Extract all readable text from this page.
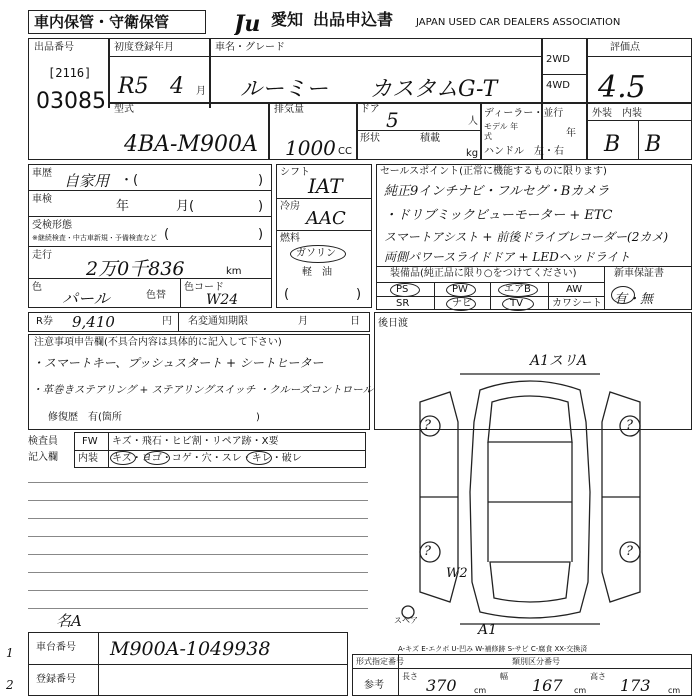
車内保管・守衛保管	Ju 愛知 出品申込書 JAPAN USED CAR DEALERS ASSOCIATION
出品番号
[2116]
03085
初度登録年月
R5 4 月
車名・グレード
ルーミー カスタムG-T
2WD
4WD
評価点
4.5
型式
4BA-M900A
排気量
1000 CC
ドア 5	人
形状	積載
kg
ディーラー・並行
モデル 年式	年
ハンドル　左・右
外装　内装
B B
車歴 自家用 ・(	)
車検	年	月(	)
受検形態
※継続検査・中古車新規・予備検査など (	)
走行
2万0千836	km
色
パール	色替
色コード
W24
シフト
IAT
冷房
AAC
燃料
ガソリン
軽　油
(	)
セールスポイント(正常に機能するものに限ります)
純正9インチナビ・フルセグ・Bカメラ
・ドリブミックビューモーター + ETC
スマートアシスト + 前後ドライブレコーダー(2カメ)
両側パワースライドドア + LEDヘッドライト
装備品(純正品に限り○をつけてください)	新車保証書
有・無
PS	PW	エアB	AW
SR	ナビ	TV	カワシート
R券 9,410	円 名変通知期限	月	日
注意事項申告欄(不具合内容は具体的に記入して下さい)
・スマートキー、プッシュスタート + シートヒーター
・革巻きステアリング + ステアリングスイッチ ・クルーズコントロール
修復歴　有(箇所	)
後日渡
検査員
記入欄
FW キズ・飛石・ヒビ割・リペア跡・X要
内装 キズ・ヨゴ・コゲ・穴・スレ・キレ・破レ
A1スリA
?	?
?	?
W2
スペア
A1
A-キズ E-エクボ U-凹み W-補修跡 S-サビ C-腐食 XX-交換済
名A
車台番号 M900A-1049938
登録番号
1
2
形式指定番号	類別区分番号
参考
長さ 370 cm
幅 167 cm
高さ 173 cm
